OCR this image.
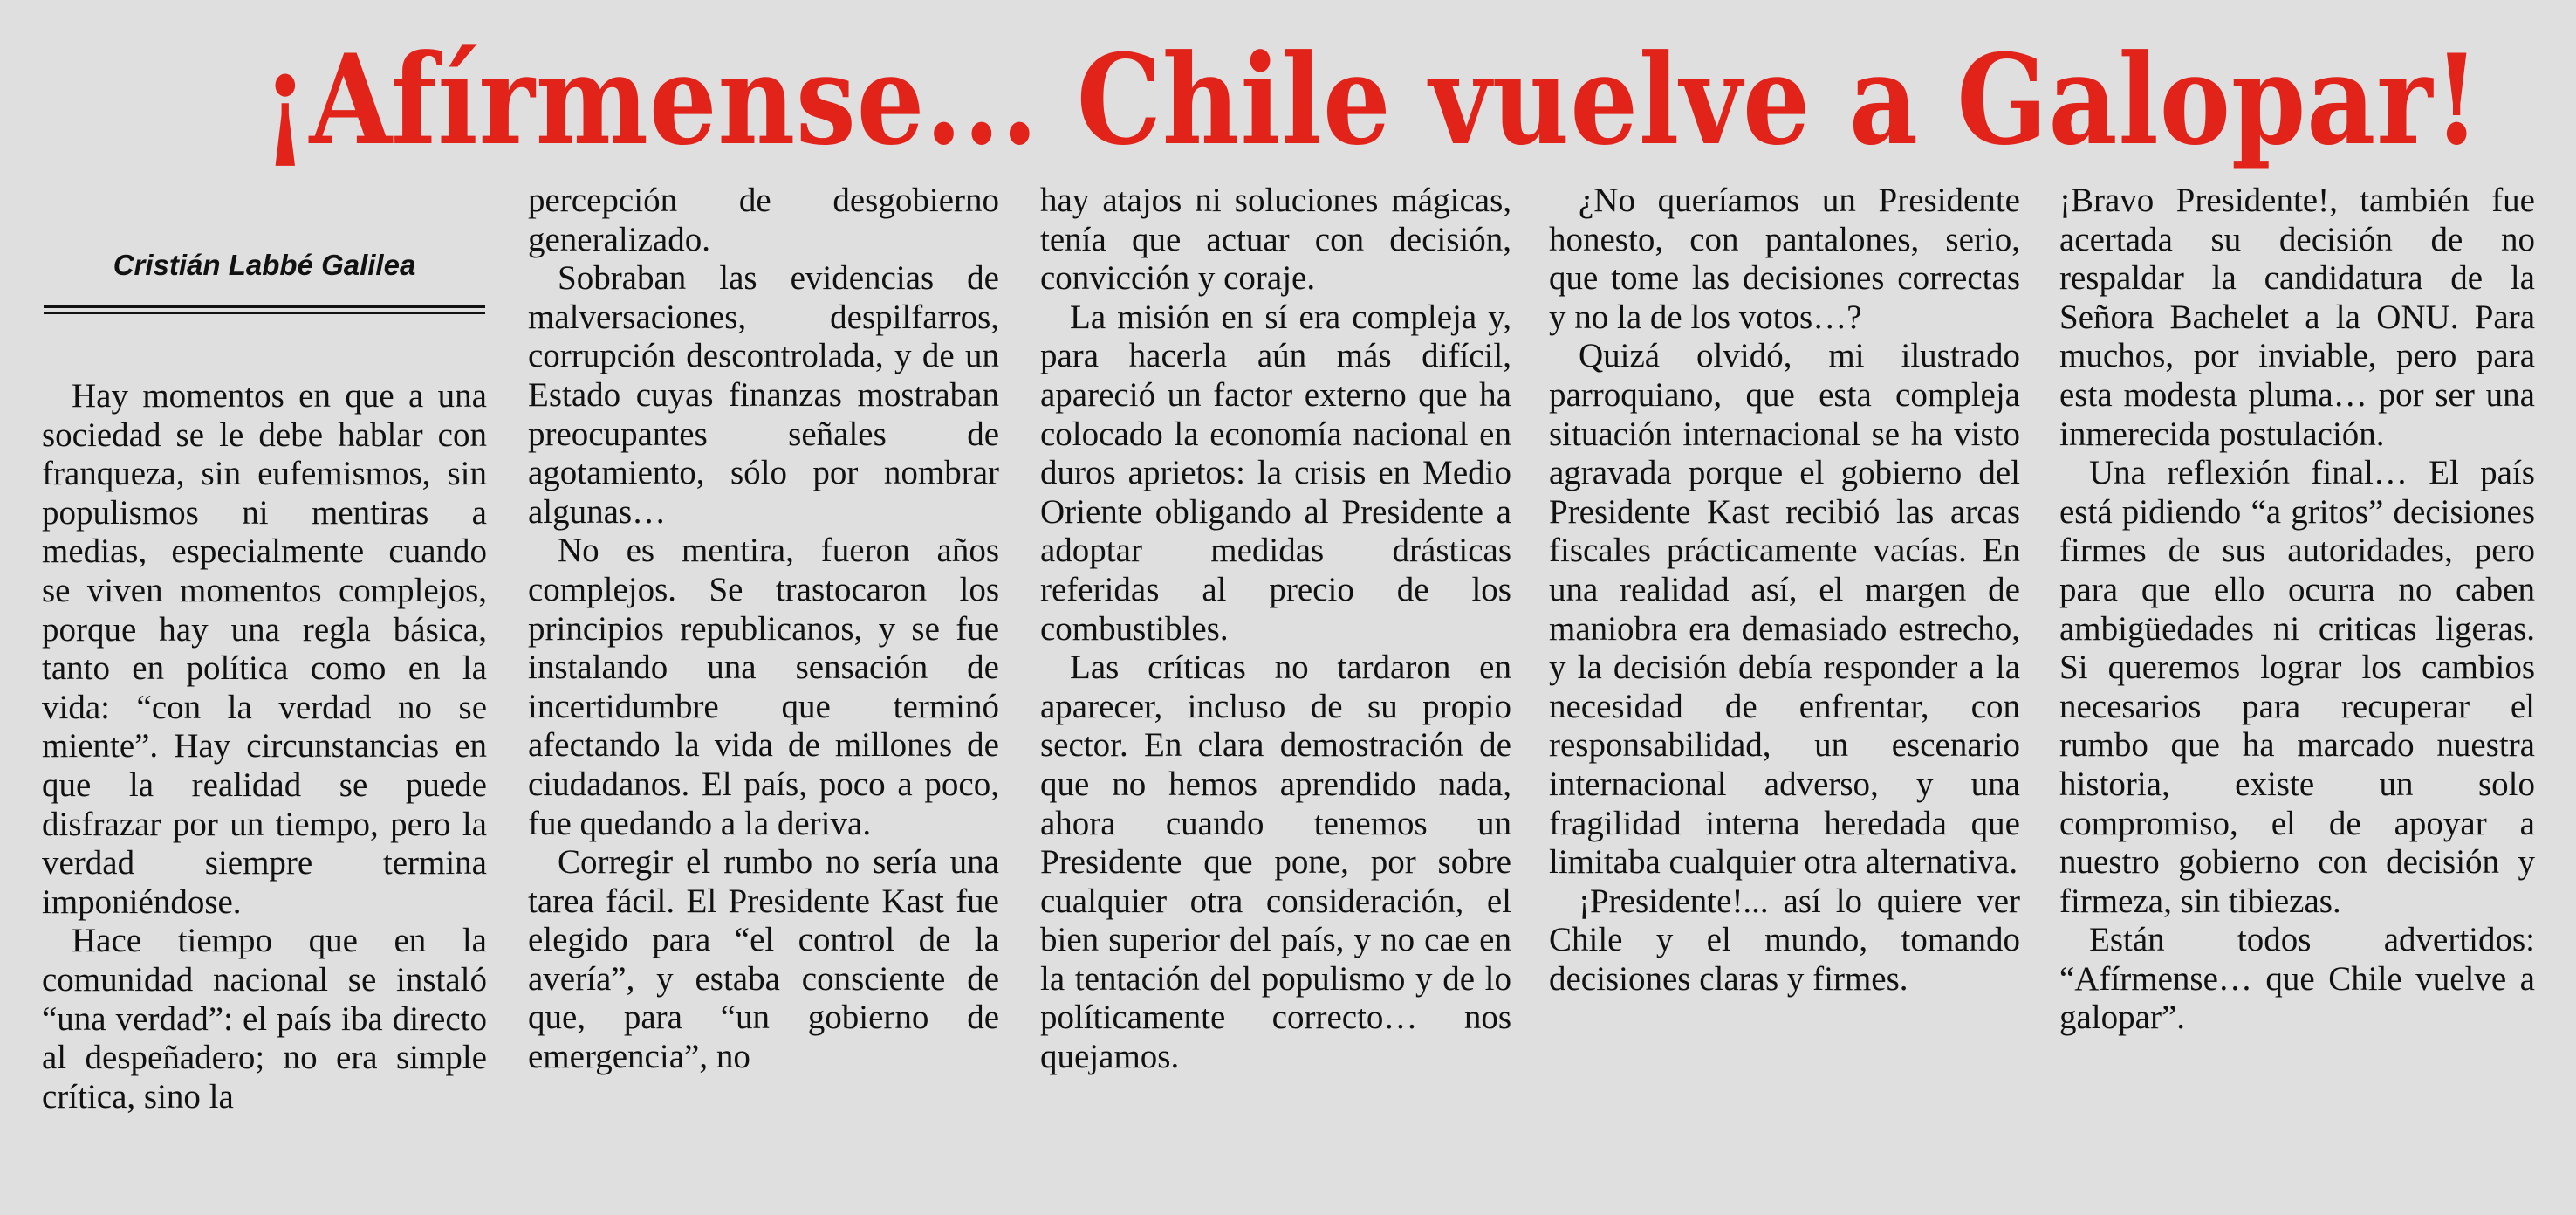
¡Afírmense... Chile vuelve a Galopar!
Cristián Labbé Galilea

Hay momentos en que a una sociedad se le debe hablar con franqueza, sin eufemismos, sin populismos ni mentiras a medias, especialmente cuando se viven momentos complejos, porque hay una regla básica, tanto en política como en la vida: “con la verdad no se miente”. Hay circunstancias en que la realidad se puede disfrazar por un tiempo, pero la verdad siempre termina imponiéndose.

Hace tiempo que en la comunidad nacional se instaló “una verdad”: el país iba directo al despeñadero; no era simple crítica, sino la

percepción de desgobierno generalizado.

Sobraban las evidencias de malversaciones, despilfarros, corrupción descontrolada, y de un Estado cuyas finanzas mostraban preocupantes señales de agotamiento, sólo por nombrar algunas…

No es mentira, fueron años complejos. Se trastocaron los principios republicanos, y se fue instalando una sensación de incertidumbre que terminó afectando la vida de millones de ciudadanos. El país, poco a poco, fue quedando a la deriva.

Corregir el rumbo no sería una tarea fácil. El Presidente Kast fue elegido para “el control de la avería”, y estaba consciente de que, para “un gobierno de emergencia”, no

hay atajos ni soluciones mágicas, tenía que actuar con decisión, convicción y coraje.

La misión en sí era compleja y, para hacerla aún más difícil, apareció un factor externo que ha colocado la economía nacional en duros aprietos: la crisis en Medio Oriente obligando al Presidente a adoptar medidas drásticas referidas al precio de los combustibles.

Las críticas no tardaron en aparecer, incluso de su propio sector. En clara demostración de que no hemos aprendido nada, ahora cuando tenemos un Presidente que pone, por sobre cualquier otra consideración, el bien superior del país, y no cae en la tentación del populismo y de lo políticamente correcto… nos quejamos.

¿No queríamos un Presidente honesto, con pantalones, serio, que tome las decisiones correctas y no la de los votos…?

Quizá olvidó, mi ilustrado parroquiano, que esta compleja situación internacional se ha visto agravada porque el gobierno del Presidente Kast recibió las arcas fiscales prácticamente vacías. En una realidad así, el margen de maniobra era demasiado estrecho, y la decisión debía responder a la necesidad de enfrentar, con responsabilidad, un escenario internacional adverso, y una fragilidad interna heredada que limitaba cualquier otra alternativa.

¡Presidente!... así lo quiere ver Chile y el mundo, tomando decisiones claras y firmes.

¡Bravo Presidente!, también fue acertada su decisión de no respaldar la candidatura de la Señora Bachelet a la ONU. Para muchos, por inviable, pero para esta modesta pluma… por ser una inmerecida postulación.

Una reflexión final… El país está pidiendo “a gritos” decisiones firmes de sus autoridades, pero para que ello ocurra no caben ambigüedades ni criticas ligeras. Si queremos lograr los cambios necesarios para recuperar el rumbo que ha marcado nuestra historia, existe un solo compromiso, el de apoyar a nuestro gobierno con decisión y firmeza, sin tibiezas.

Están todos advertidos: “Afírmense… que Chile vuelve a galopar”.
